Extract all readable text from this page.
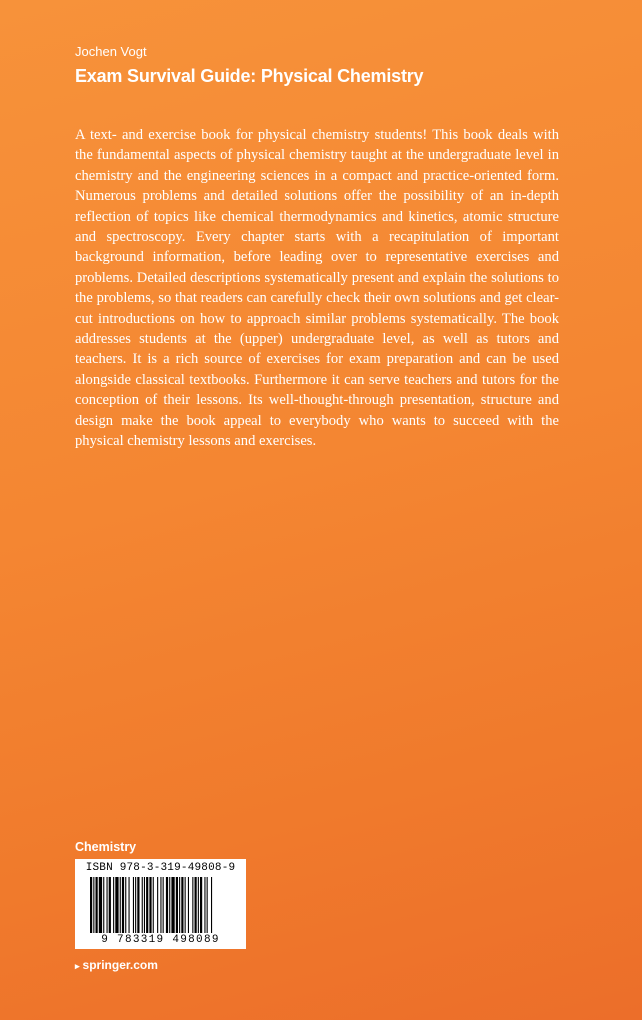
Jochen Vogt
Exam Survival Guide: Physical Chemistry

A text- and exercise book for physical chemistry students! This book deals with the fundamental aspects of physical chemistry taught at the undergraduate level in chemistry and the engineering sciences in a compact and practice-oriented form. Numerous problems and detailed solutions offer the possibility of an in-depth reflection of topics like chemical thermodynamics and kinetics, atomic structure and spectroscopy. Every chapter starts with a recapitulation of important background information, before leading over to representative exercises and problems. Detailed descriptions systematically present and explain the solutions to the problems, so that readers can carefully check their own solutions and get clear-cut introductions on how to approach similar problems systematically. The book addresses students at the (upper) undergraduate level, as well as tutors and teachers. It is a rich source of exercises for exam preparation and can be used alongside classical textbooks. Furthermore it can serve teachers and tutors for the conception of their lessons. Its well-thought-through presentation, structure and design make the book appeal to everybody who wants to succeed with the physical chemistry lessons and exercises.

Chemistry
ISBN 978-3-319-49808-9
9 783319 498089
▸ springer.com
